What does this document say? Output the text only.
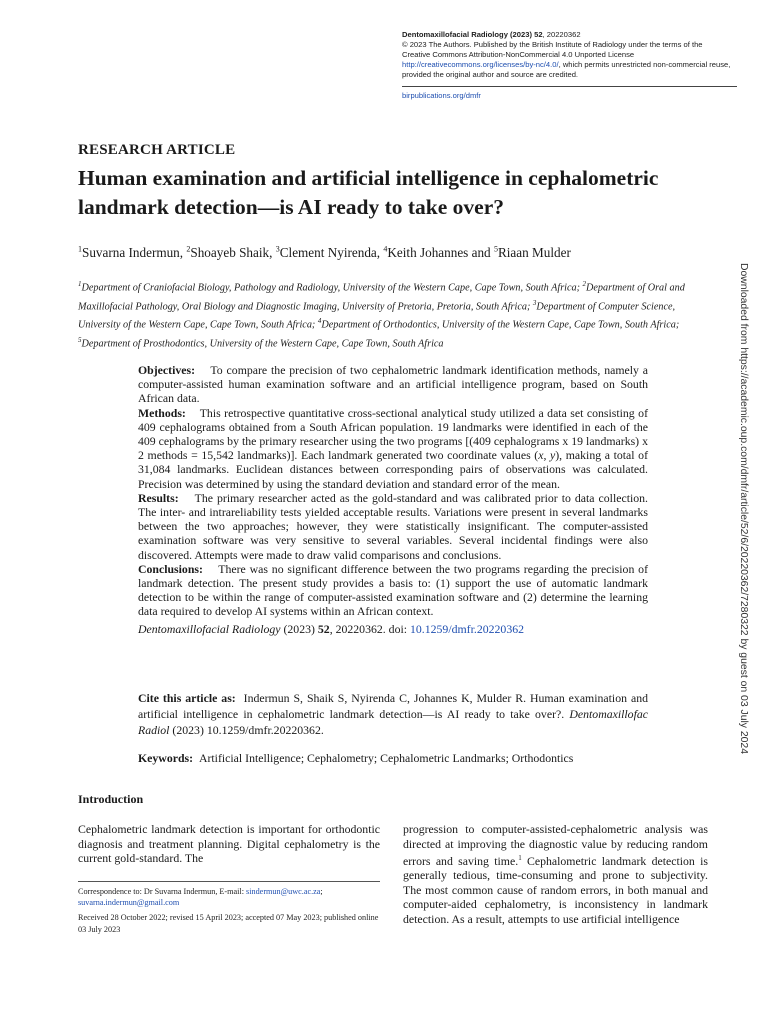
Dentomaxillofacial Radiology (2023) 52, 20220362
© 2023 The Authors. Published by the British Institute of Radiology under the terms of the Creative Commons Attribution-NonCommercial 4.0 Unported License http://creativecommons.org/licenses/by-nc/4.0/, which permits unrestricted non-commercial reuse, provided the original author and source are credited.
birpublications.org/dmfr
RESEARCH ARTICLE
Human examination and artificial intelligence in cephalometric landmark detection—is AI ready to take over?
$^1$Suvarna Indermun, $^2$Shoayeb Shaik, $^3$Clement Nyirenda, $^4$Keith Johannes and $^5$Riaan Mulder
$^1$Department of Craniofacial Biology, Pathology and Radiology, University of the Western Cape, Cape Town, South Africa; $^2$Department of Oral and Maxillofacial Pathology, Oral Biology and Diagnostic Imaging, University of Pretoria, Pretoria, South Africa; $^3$Department of Computer Science, University of the Western Cape, Cape Town, South Africa; $^4$Department of Orthodontics, University of the Western Cape, Cape Town, South Africa; $^5$Department of Prosthodontics, University of the Western Cape, Cape Town, South Africa

Objectives: To compare the precision of two cephalometric landmark identification methods, namely a computer-assisted human examination software and an artificial intelligence program, based on South African data.

Methods: This retrospective quantitative cross-sectional analytical study utilized a data set consisting of 409 cephalograms obtained from a South African population. 19 landmarks were identified in each of the 409 cephalograms by the primary researcher using the two programs [(409 cephalograms x 19 landmarks) x 2 methods = 15,542 landmarks)]. Each landmark generated two coordinate values (x, y), making a total of 31,084 landmarks. Euclidean distances between corresponding pairs of observations was calculated. Precision was determined by using the standard deviation and standard error of the mean.

Results: The primary researcher acted as the gold-standard and was calibrated prior to data collection. The inter- and intrareliability tests yielded acceptable results. Variations were present in several landmarks between the two approaches; however, they were statistically insignificant. The computer-assisted examination software was very sensitive to several variables. Several incidental findings were also discovered. Attempts were made to draw valid comparisons and conclusions.

Conclusions: There was no significant difference between the two programs regarding the precision of landmark detection. The present study provides a basis to: (1) support the use of automatic landmark detection to be within the range of computer-assisted examination software and (2) determine the learning data required to develop AI systems within an African context.

Dentomaxillofacial Radiology (2023) 52, 20220362. doi: 10.1259/dmfr.20220362

Cite this article as: Indermun S, Shaik S, Nyirenda C, Johannes K, Mulder R. Human examination and artificial intelligence in cephalometric landmark detection—is AI ready to take over?. Dentomaxillofac Radiol (2023) 10.1259/dmfr.20220362.
Keywords: Artificial Intelligence; Cephalometry; Cephalometric Landmarks; Orthodontics
Introduction
Cephalometric landmark detection is important for orthodontic diagnosis and treatment planning. Digital cephalometry is the current gold-standard. The
progression to computer-assisted-cephalometric analysis was directed at improving the diagnostic value by reducing random errors and saving time.$^1$ Cephalometric landmark detection is generally tedious, time-consuming and prone to subjectivity. The most common cause of random errors, in both manual and computer-aided cephalometry, is inconsistency in landmark detection. As a result, attempts to use artificial intelligence

Correspondence to: Dr Suvarna Indermun, E-mail: sindermun@uwc.ac.za; suvarna.indermun@gmail.com

Received 28 October 2022; revised 15 April 2023; accepted 07 May 2023; published online 03 July 2023

Downloaded from https://academic.oup.com/dmfr/article/52/6/20220362/7280322 by guest on 03 July 2024
